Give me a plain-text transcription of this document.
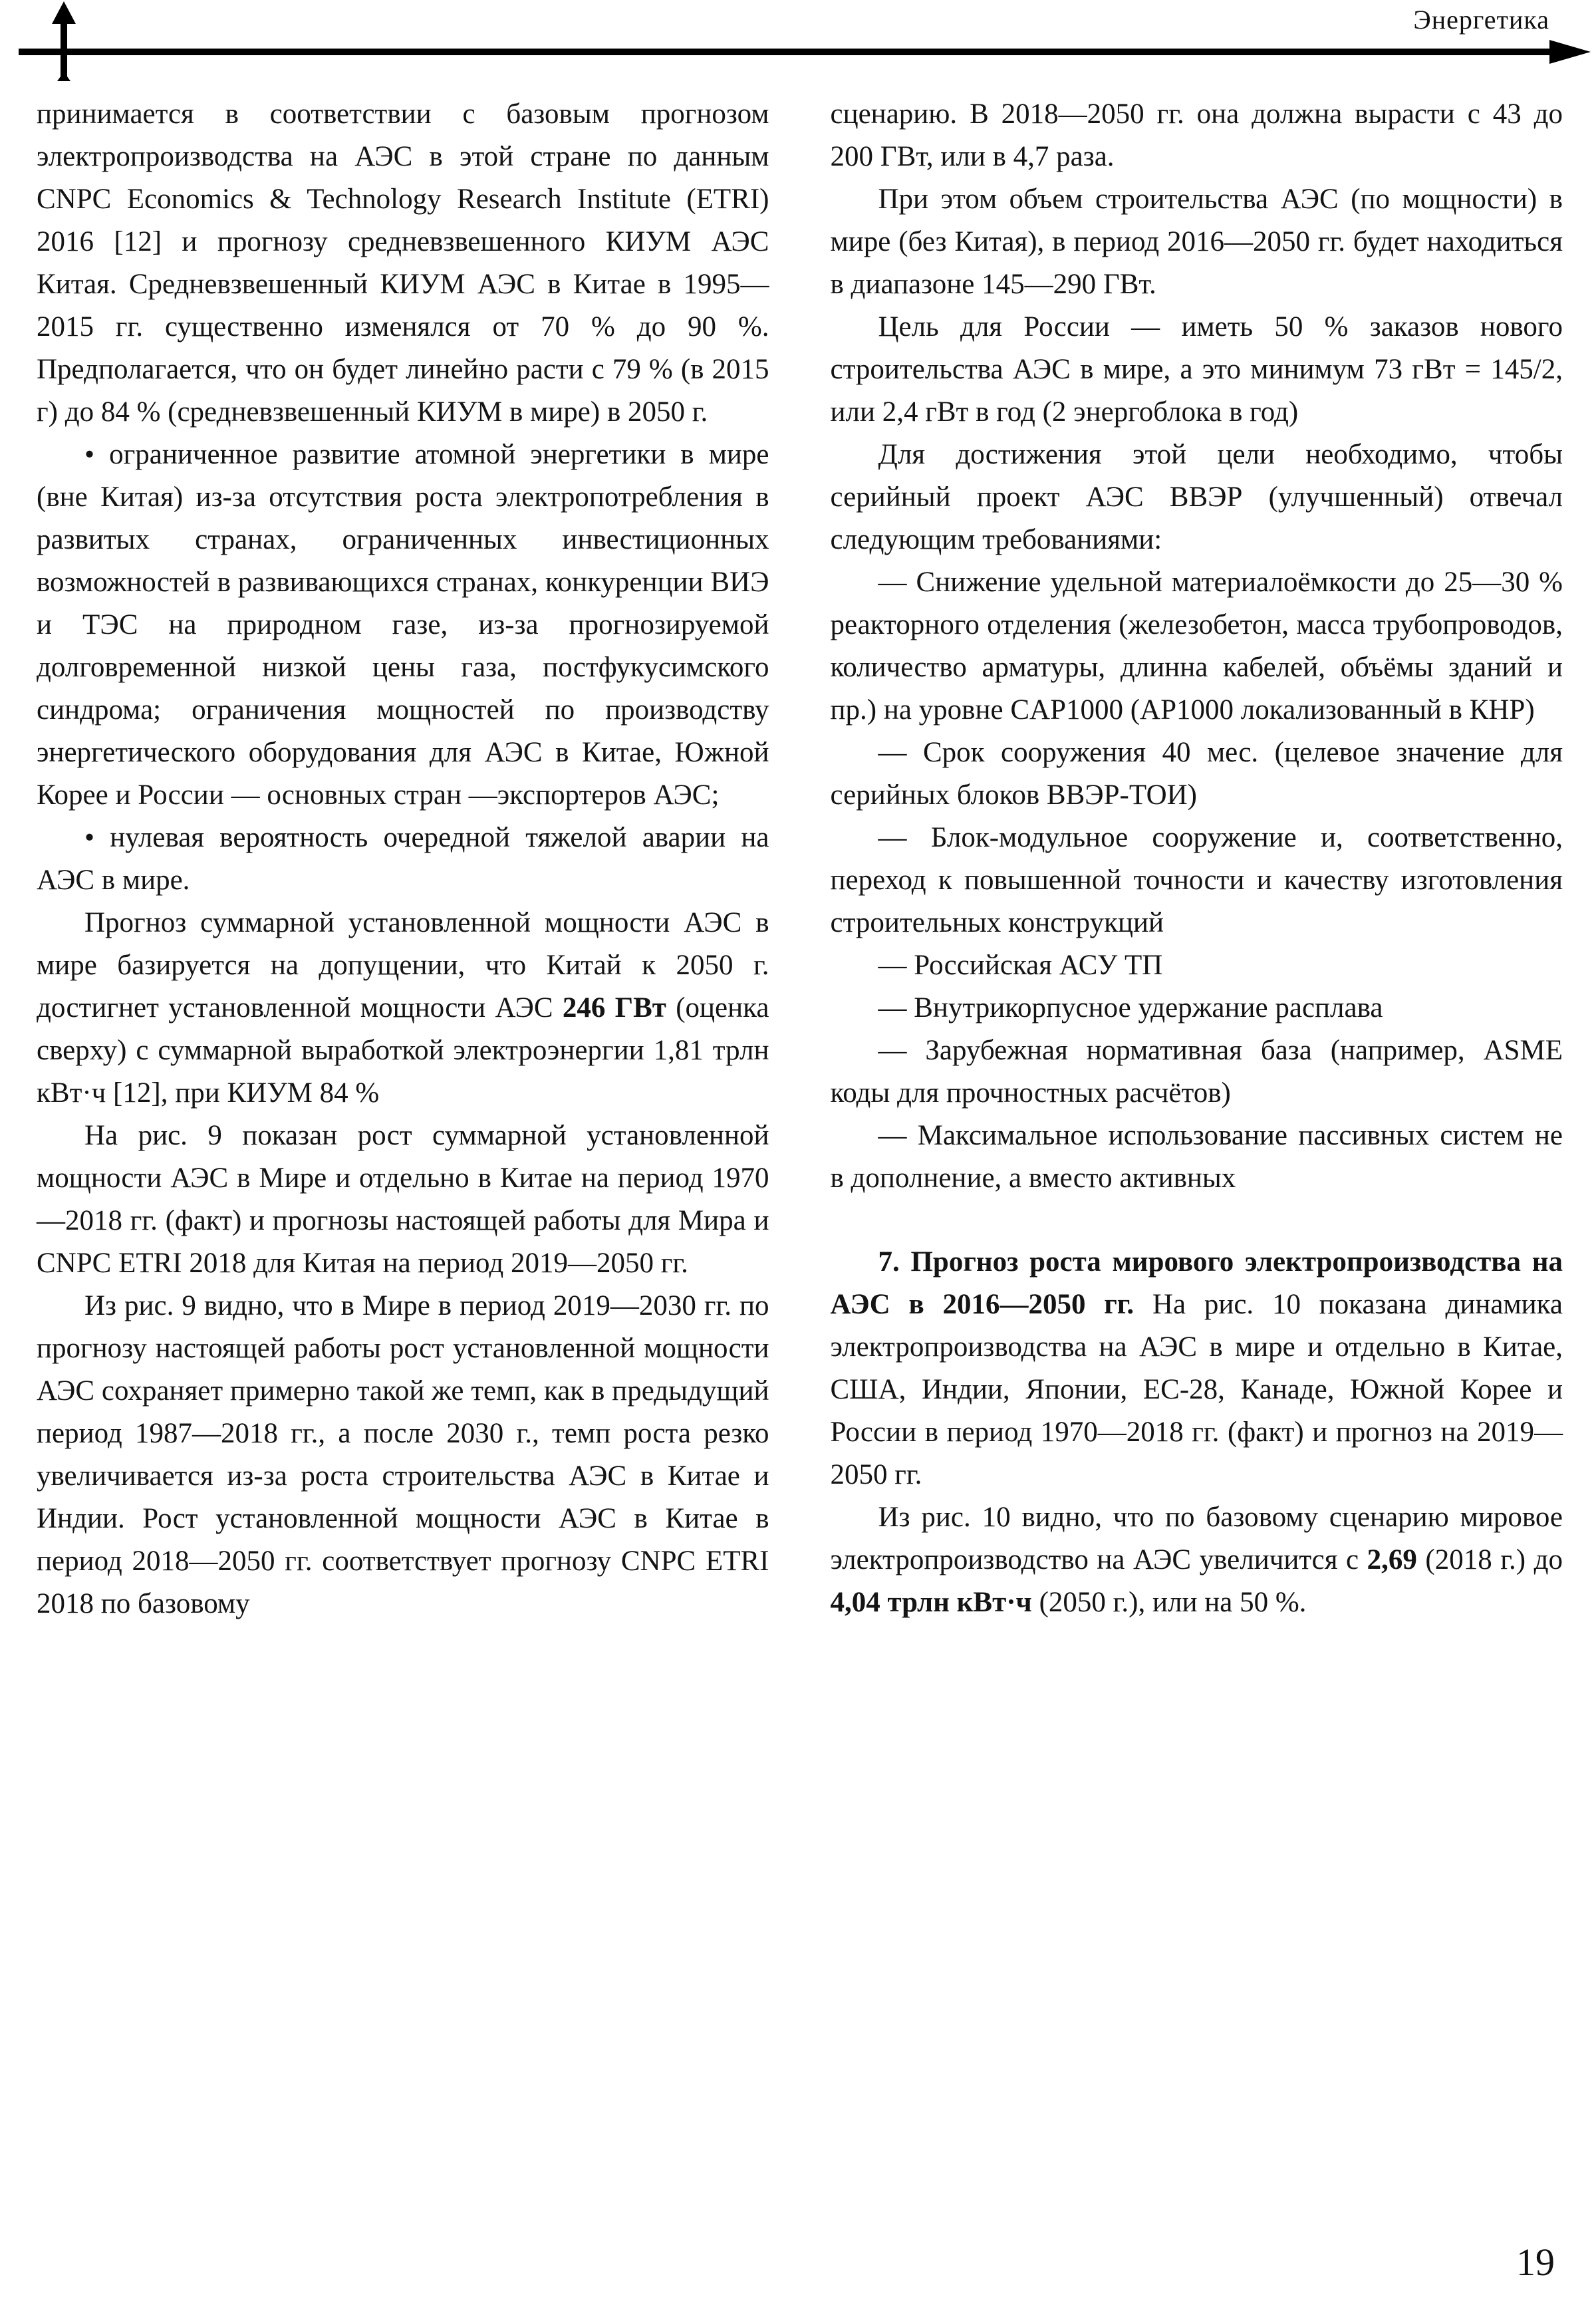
Энергетика

принимается в соответствии с базовым прогнозом электропроизводства на АЭС в этой стране по данным CNPC Economics & Technology Research Institute (ETRI) 2016 [12] и прогнозу средневзвешенного КИУМ АЭС Китая. Средневзвешенный КИУМ АЭС в Китае в 1995—2015 гг. существенно изменялся от 70 % до 90 %. Предполагается, что он будет линейно расти с 79 % (в 2015 г) до 84 % (средневзвешенный КИУМ в мире) в 2050 г.

• ограниченное развитие атомной энергетики в мире (вне Китая) из-за отсутствия роста электропотребления в развитых странах, ограниченных инвестиционных возможностей в развивающихся странах, конкуренции ВИЭ и ТЭС на природном газе, из-за прогнозируемой долговременной низкой цены газа, постфукусимского синдрома; ограничения мощностей по производству энергетического оборудования для АЭС в Китае, Южной Корее и России — основных стран —экспортеров АЭС;

• нулевая вероятность очередной тяжелой аварии на АЭС в мире.

Прогноз суммарной установленной мощности АЭС в мире базируется на допущении, что Китай к 2050 г. достигнет установленной мощности АЭС 246 ГВт (оценка сверху) с суммарной выработкой электроэнергии 1,81 трлн кВт·ч [12], при КИУМ 84 %

На рис. 9 показан рост суммарной установленной мощности АЭС в Мире и отдельно в Китае на период 1970—2018 гг. (факт) и прогнозы настоящей работы для Мира и CNPC ETRI 2018 для Китая на период 2019—2050 гг.

Из рис. 9 видно, что в Мире в период 2019—2030 гг. по прогнозу настоящей работы рост установленной мощности АЭС сохраняет примерно такой же темп, как в предыдущий период 1987—2018 гг., а после 2030 г., темп роста резко увеличивается из-за роста строительства АЭС в Китае и Индии. Рост установленной мощности АЭС в Китае в период 2018—2050 гг. соответствует прогнозу CNPC ETRI 2018 по базовому

сценарию. В 2018—2050 гг. она должна вырасти с 43 до 200 ГВт, или в 4,7 раза.

При этом объем строительства АЭС (по мощности) в мире (без Китая), в период 2016—2050 гг. будет находиться в диапазоне 145—290 ГВт.

Цель для России — иметь 50 % заказов нового строительства АЭС в мире, а это минимум 73 гВт = 145/2, или 2,4 гВт в год (2 энергоблока в год)

Для достижения этой цели необходимо, чтобы серийный проект АЭС ВВЭР (улучшенный) отвечал следующим требованиями:

— Снижение удельной материалоёмкости до 25—30 % реакторного отделения (железобетон, масса трубопроводов, количество арматуры, длинна кабелей, объёмы зданий и пр.) на уровне CAP1000 (AP1000 локализованный в КНР)

— Срок сооружения 40 мес. (целевое значение для серийных блоков ВВЭР-ТОИ)

— Блок-модульное сооружение и, соответственно, переход к повышенной точности и качеству изготовления строительных конструкций

— Российская АСУ ТП

— Внутрикорпусное удержание расплава

— Зарубежная нормативная база (например, ASME коды для прочностных расчётов)

— Максимальное использование пассивных систем не в дополнение, а вместо активных

7. Прогноз роста мирового электропроизводства на АЭС в 2016—2050 гг. На рис. 10 показана динамика электропроизводства на АЭС в мире и отдельно в Китае, США, Индии, Японии, ЕС-28, Канаде, Южной Корее и России в период 1970—2018 гг. (факт) и прогноз на 2019—2050 гг.

Из рис. 10 видно, что по базовому сценарию мировое электропроизводство на АЭС увеличится с 2,69 (2018 г.) до 4,04 трлн кВт·ч (2050 г.), или на 50 %.

19
